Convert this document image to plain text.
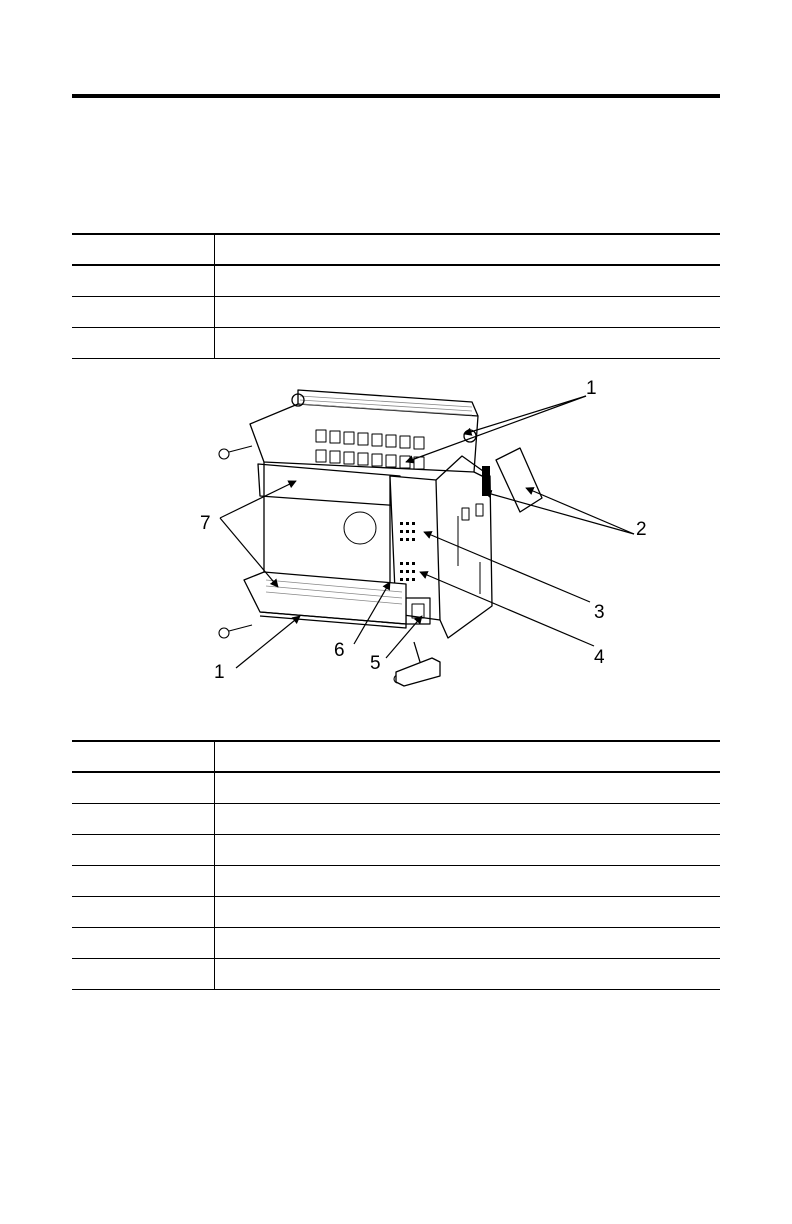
1
2
3
4
5
6
7
1
